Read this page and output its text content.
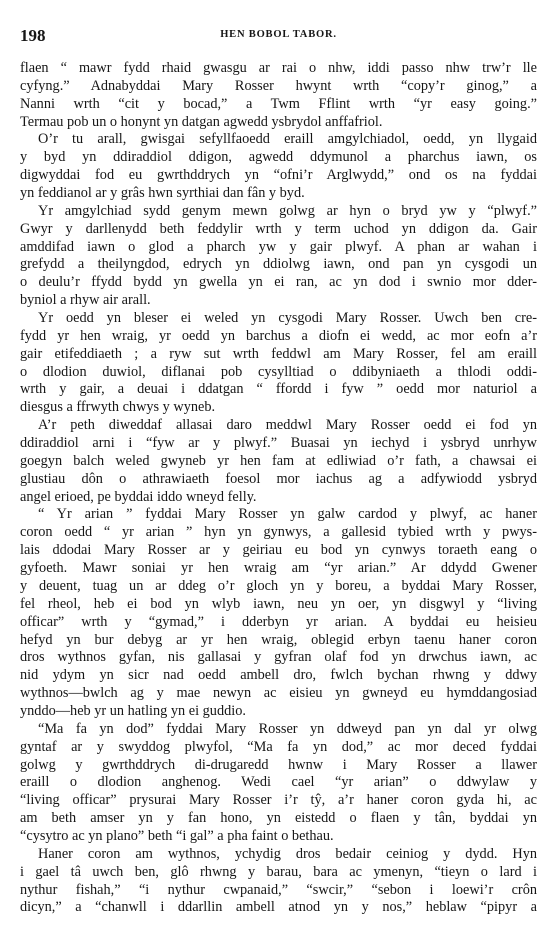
198	HEN BOBOL TABOR.
flaen “ mawr fydd rhaid gwasgu ar rai o nhw, iddi passo nhw trw’r lle
cyfyng.” Adnabyddai Mary Rosser hwynt wrth “copy’r ginog,” a
Nanni wrth “cit y bocad,” a Twm Fflint wrth “yr easy going.”
Termau pob un o honynt yn datgan agwedd ysbrydol anffafriol.
O’r tu arall, gwisgai sefyllfaoedd eraill amgylchiadol, oedd, yn llygaid
y byd yn ddiraddiol ddigon, agwedd ddymunol a pharchus iawn, os
digwyddai fod eu gwrthddrych yn “ofni’r Arglwydd,” ond os na fyddai
yn feddianol ar y grâs hwn syrthiai dan fân y byd.
Yr amgylchiad sydd genym mewn golwg ar hyn o bryd yw y “plwyf.”
Gwyr y darllenydd beth feddylir wrth y term uchod yn ddigon da. Gair
amddifad iawn o glod a pharch yw y gair plwyf. A phan ar wahan i
grefydd a theilyngdod, edrych yn ddiolwg iawn, ond pan yn cysgodi un
o deulu’r ffydd bydd yn gwella yn ei ran, ac yn dod i swnio mor dder-
byniol a rhyw air arall.
Yr oedd yn bleser ei weled yn cysgodi Mary Rosser. Uwch ben cre-
fydd yr hen wraig, yr oedd yn barchus a diofn ei wedd, ac mor eofn a’r
gair etifeddiaeth ; a ryw sut wrth feddwl am Mary Rosser, fel am eraill
o dlodion duwiol, diflanai pob cysylltiad o ddibyniaeth a thlodi oddi-
wrth y gair, a deuai i ddatgan “ ffordd i fyw ” oedd mor naturiol a
diesgus a ffrwyth chwys y wyneb.
A’r peth diweddaf allasai daro meddwl Mary Rosser oedd ei fod yn
ddiraddiol arni i “fyw ar y plwyf.” Buasai yn iechyd i ysbryd unrhyw
goegyn balch weled gwyneb yr hen fam at edliwiad o’r fath, a chawsai ei
glustiau dôn o athrawiaeth foesol mor iachus ag a adfywiodd ysbryd
angel erioed, pe byddai iddo wneyd felly.
“ Yr arian ” fyddai Mary Rosser yn galw cardod y plwyf, ac haner
coron oedd “ yr arian ” hyn yn gynwys, a gallesid tybied wrth y pwys-
lais ddodai Mary Rosser ar y geiriau eu bod yn cynwys toraeth eang o
gyfoeth. Mawr soniai yr hen wraig am “yr arian.” Ar ddydd Gwener
y deuent, tuag un ar ddeg o’r gloch yn y boreu, a byddai Mary Rosser,
fel rheol, heb ei bod yn wlyb iawn, neu yn oer, yn disgwyl y “living
officar” wrth y “gymad,” i dderbyn yr arian. A byddai eu heisieu
hefyd yn bur debyg ar yr hen wraig, oblegid erbyn taenu haner coron
dros wythnos gyfan, nis gallasai y gyfran olaf fod yn drwchus iawn, ac
nid ydym yn sicr nad oedd ambell dro, fwlch bychan rhwng y ddwy
wythnos—bwlch ag y mae newyn ac eisieu yn gwneyd eu hymddangosiad
ynddo—heb yr un hatling yn ei guddio.
“Ma fa yn dod” fyddai Mary Rosser yn ddweyd pan yn dal yr olwg
gyntaf ar y swyddog plwyfol, “Ma fa yn dod,” ac mor deced fyddai
golwg y gwrthddrych di-drugaredd hwnw i Mary Rosser a llawer
eraill o dlodion anghenog. Wedi cael “yr arian” o ddwylaw y
“living officar” prysurai Mary Rosser i’r tŷ, a’r haner coron gyda hi, ac
am beth amser yn y fan hono, yn eistedd o flaen y tân, byddai yn
“cysytro ac yn plano” beth “i gal” a pha faint o bethau.
Haner coron am wythnos, ychydig dros bedair ceiniog y dydd. Hyn
i gael tâ uwch ben, glô rhwng y barau, bara ac ymenyn, “tieyn o lard i
nythur fishah,” “i nythur cwpanaid,” “swcir,” “sebon i loewi’r crôn
dicyn,” a “chanwll i ddarllin ambell atnod yn y nos,” heblaw “pipyr a
